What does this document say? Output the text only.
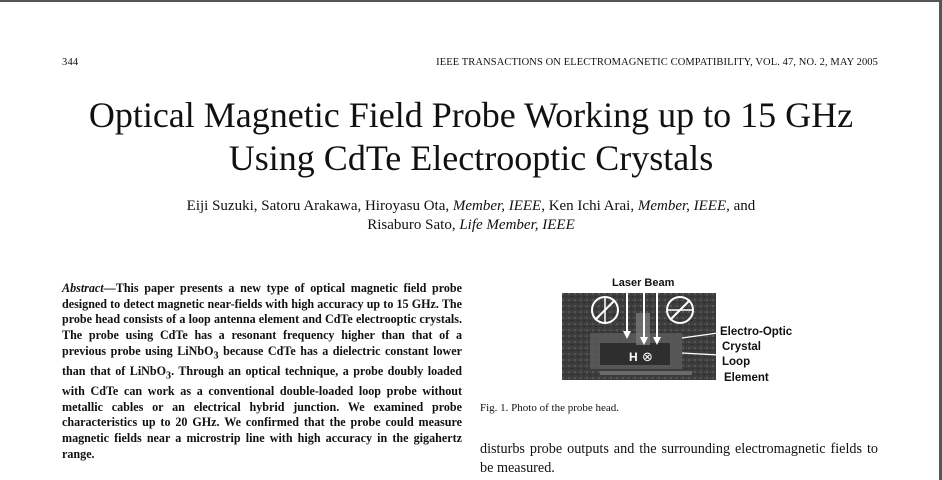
344	IEEE TRANSACTIONS ON ELECTROMAGNETIC COMPATIBILITY, VOL. 47, NO. 2, MAY 2005
Optical Magnetic Field Probe Working up to 15 GHz
Using CdTe Electrooptic Crystals
Eiji Suzuki, Satoru Arakawa, Hiroyasu Ota, Member, IEEE, Ken Ichi Arai, Member, IEEE, and
Risaburo Sato, Life Member, IEEE
Abstract—This paper presents a new type of optical magnetic field probe designed to detect magnetic near-fields with high accuracy up to 15 GHz. The probe head consists of a loop antenna element and CdTe electrooptic crystals. The probe using CdTe has a resonant frequency higher than that of a previous probe using LiNbO$_3$ because CdTe has a dielectric constant lower than that of LiNbO$_3$. Through an optical technique, a probe doubly loaded with CdTe can work as a conventional double-loaded loop probe without metallic cables or an electrical hybrid junction. We examined probe characteristics up to 20 GHz. We confirmed that the probe could measure magnetic fields near a microstrip line with high accuracy in the gigahertz range.
Laser Beam
H ⊗
Electro-Optic
Crystal
Loop
Element
Fig. 1. Photo of the probe head.
disturbs probe outputs and the surrounding electromagnetic fields to be measured.
